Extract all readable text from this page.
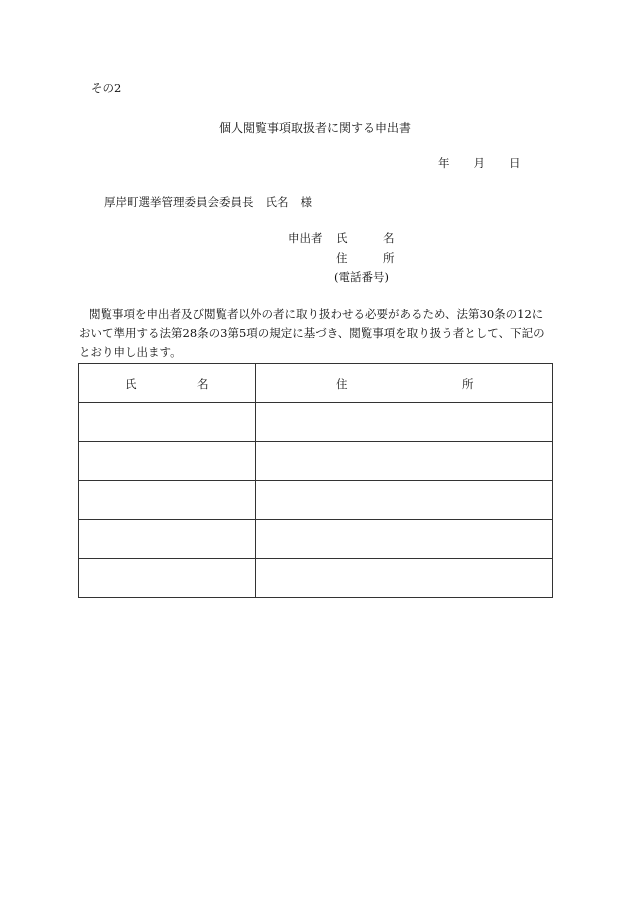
その2
個人閲覧事項取扱者に関する申出書
年 月 日
厚岸町選挙管理委員会委員長 氏名 様
申出者 氏	名
住	所
(電話番号)
閲覧事項を申出者及び閲覧者以外の者に取り扱わせる必要があるため、法第30条の12に
おいて準用する法第28条の3第5項の規定に基づき、閲覧事項を取り扱う者として、下記の
とおり申し出ます。
氏 名	住 所
